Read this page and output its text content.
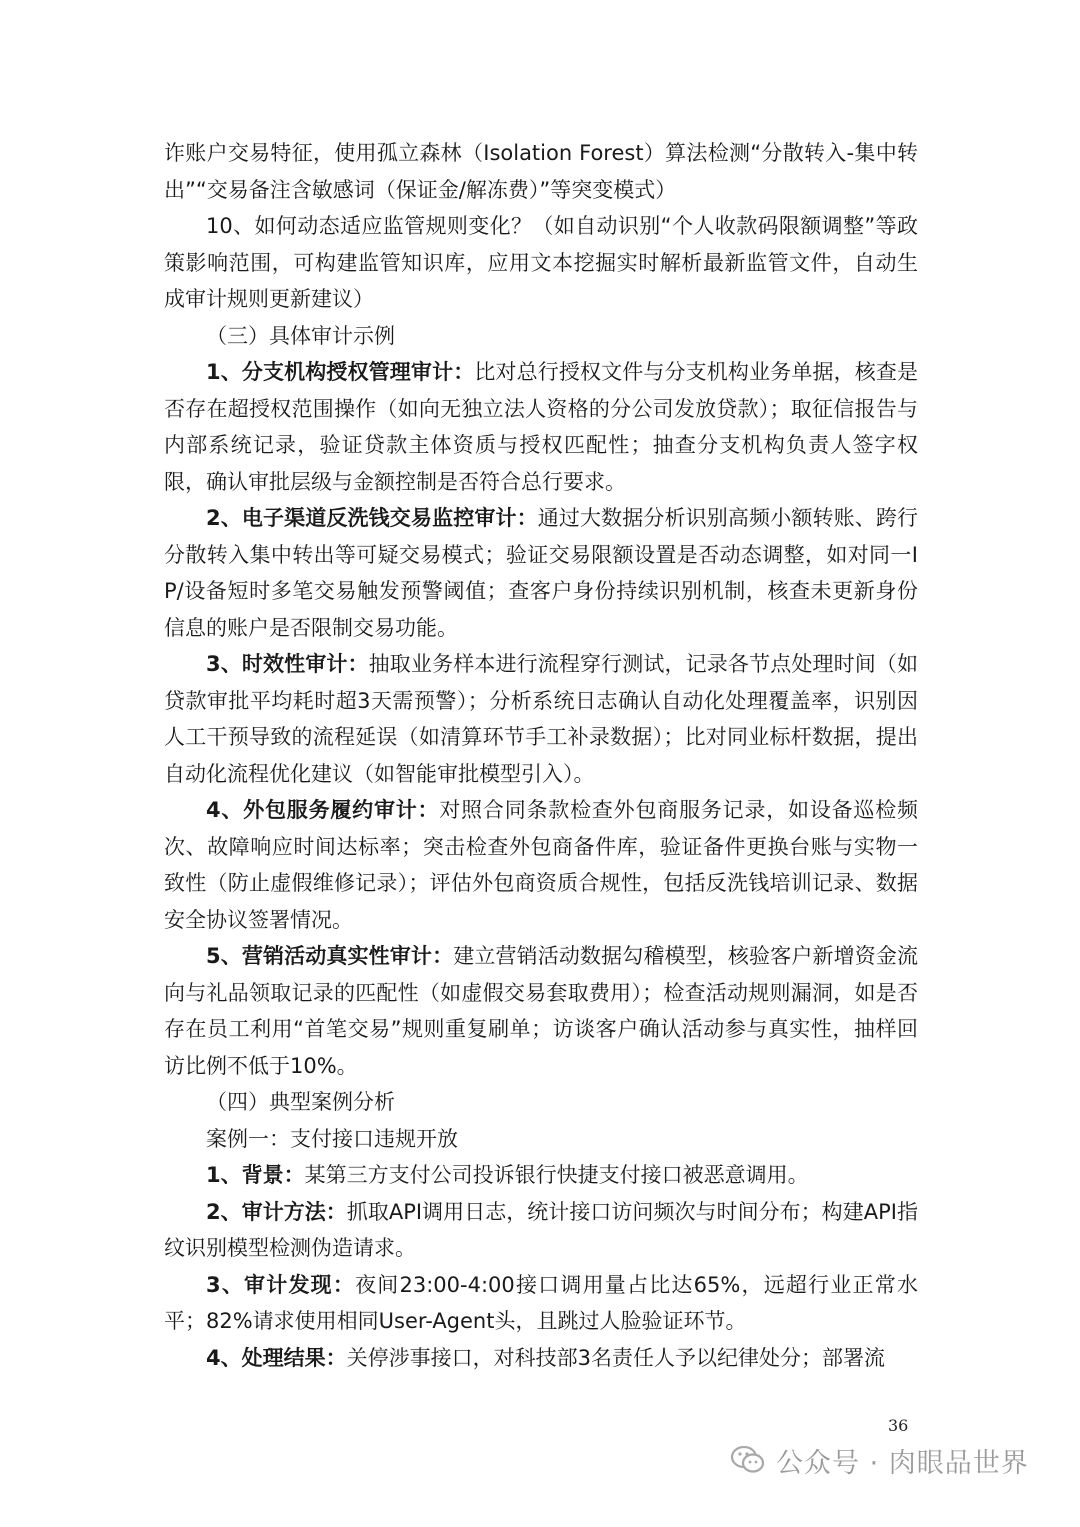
诈账户交易特征，使用孤立森林（Isolation Forest）算法检测“分散转入-集中转出”“交易备注含敏感词（保证金/解冻费）”等突变模式）

10、如何动态适应监管规则变化？（如自动识别“个人收款码限额调整”等政策影响范围，可构建监管知识库，应用文本挖掘实时解析最新监管文件，自动生成审计规则更新建议）

（三）具体审计示例

1、分支机构授权管理审计：比对总行授权文件与分支机构业务单据，核查是否存在超授权范围操作（如向无独立法人资格的分公司发放贷款）；取征信报告与内部系统记录，验证贷款主体资质与授权匹配性；抽查分支机构负责人签字权限，确认审批层级与金额控制是否符合总行要求。

2、电子渠道反洗钱交易监控审计：通过大数据分析识别高频小额转账、跨行分散转入集中转出等可疑交易模式；验证交易限额设置是否动态调整，如对同一IP/设备短时多笔交易触发预警阈值；查客户身份持续识别机制，核查未更新身份信息的账户是否限制交易功能。

3、时效性审计：抽取业务样本进行流程穿行测试，记录各节点处理时间（如贷款审批平均耗时超3天需预警）；分析系统日志确认自动化处理覆盖率，识别因人工干预导致的流程延误（如清算环节手工补录数据）；比对同业标杆数据，提出自动化流程优化建议（如智能审批模型引入）。

4、外包服务履约审计：对照合同条款检查外包商服务记录，如设备巡检频次、故障响应时间达标率；突击检查外包商备件库，验证备件更换台账与实物一致性（防止虚假维修记录）；评估外包商资质合规性，包括反洗钱培训记录、数据安全协议签署情况。

5、营销活动真实性审计：建立营销活动数据勾稽模型，核验客户新增资金流向与礼品领取记录的匹配性（如虚假交易套取费用）；检查活动规则漏洞，如是否存在员工利用“首笔交易”规则重复刷单；访谈客户确认活动参与真实性，抽样回访比例不低于10%。

（四）典型案例分析

案例一：支付接口违规开放

1、背景：某第三方支付公司投诉银行快捷支付接口被恶意调用。

2、审计方法：抓取API调用日志，统计接口访问频次与时间分布；构建API指纹识别模型检测伪造请求。

3、审计发现：夜间23:00-4:00接口调用量占比达65%，远超行业正常水平；82%请求使用相同User-Agent头，且跳过人脸验证环节。

4、处理结果：关停涉事接口，对科技部3名责任人予以纪律处分；部署流

36
公众号 · 肉眼品世界
